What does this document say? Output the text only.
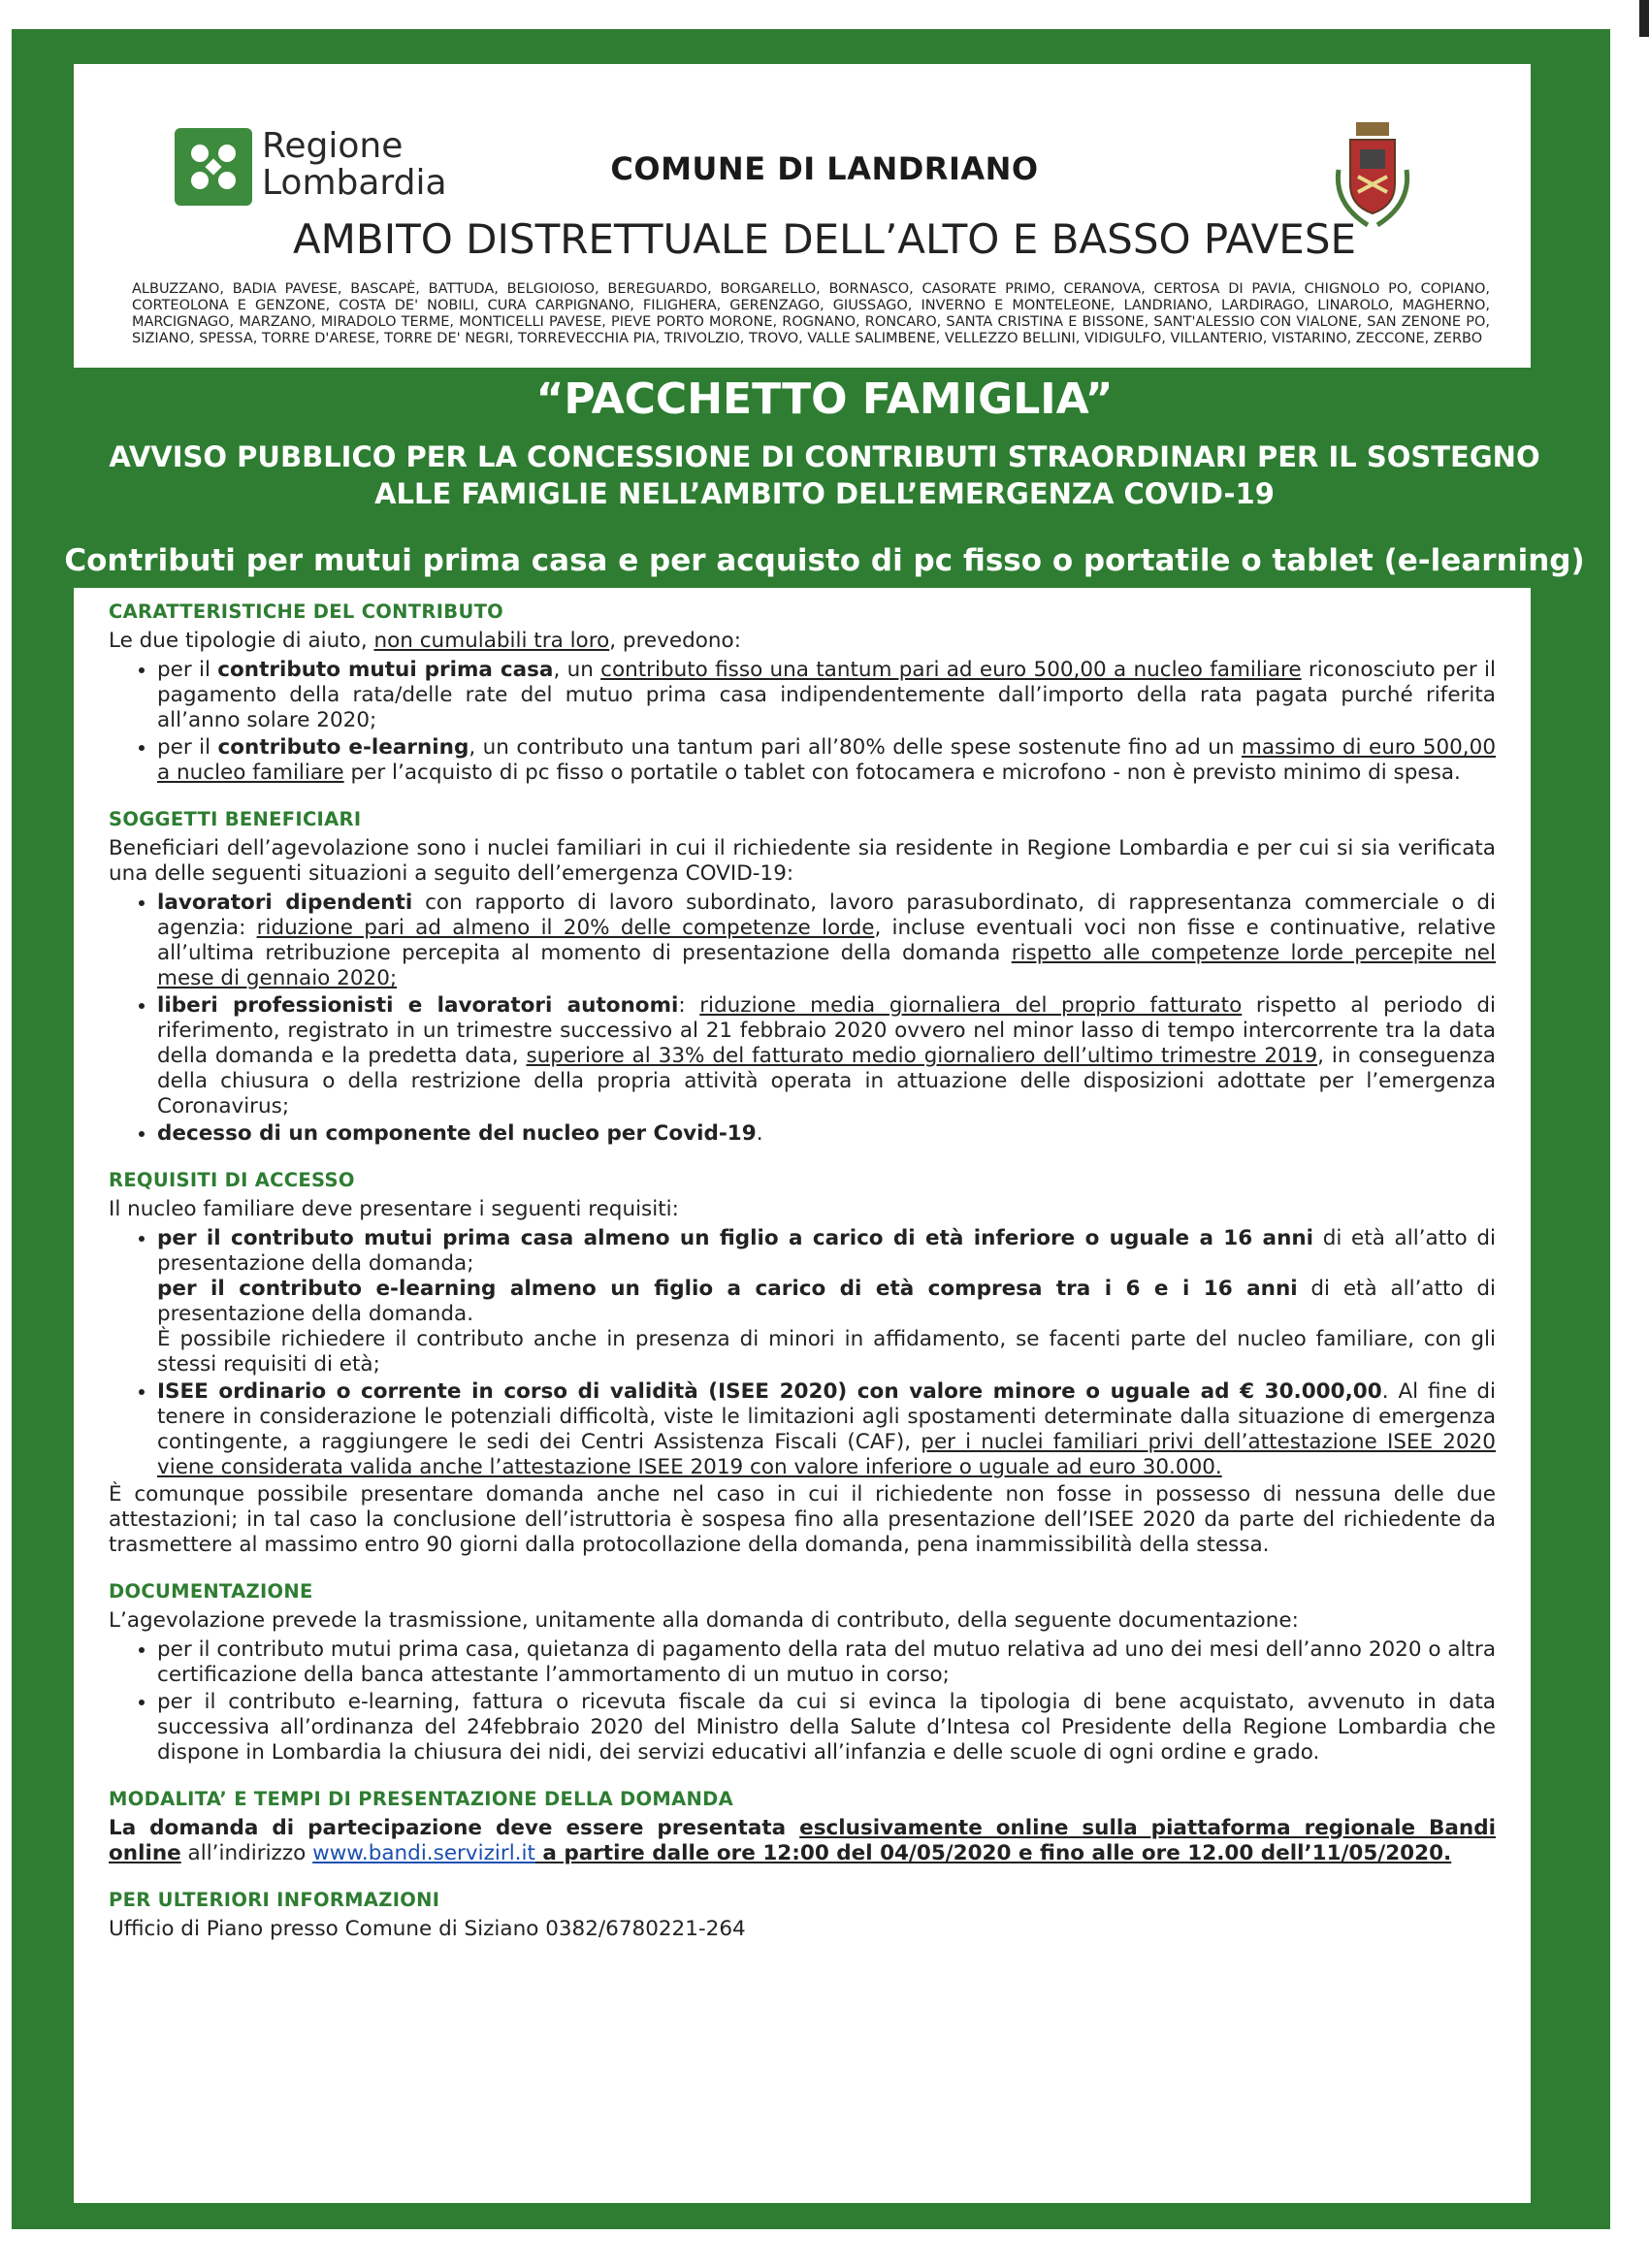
Regione
Lombardia	COMUNE DI LANDRIANO
AMBITO DISTRETTUALE DELL’ALTO E BASSO PAVESE
ALBUZZANO, BADIA PAVESE, BASCAPÈ, BATTUDA, BELGIOIOSO, BEREGUARDO, BORGARELLO, BORNASCO, CASORATE PRIMO, CERANOVA, CERTOSA DI PAVIA, CHIGNOLO PO, COPIANO, CORTEOLONA E GENZONE, COSTA DE' NOBILI, CURA CARPIGNANO, FILIGHERA, GERENZAGO, GIUSSAGO, INVERNO E MONTELEONE, LANDRIANO, LARDIRAGO, LINAROLO, MAGHERNO, MARCIGNAGO, MARZANO, MIRADOLO TERME, MONTICELLI PAVESE, PIEVE PORTO MORONE, ROGNANO, RONCARO, SANTA CRISTINA E BISSONE, SANT'ALESSIO CON VIALONE, SAN ZENONE PO, SIZIANO, SPESSA, TORRE D'ARESE, TORRE DE' NEGRI, TORREVECCHIA PIA, TRIVOLZIO, TROVO, VALLE SALIMBENE, VELLEZZO BELLINI, VIDIGULFO, VILLANTERIO, VISTARINO, ZECCONE, ZERBO
“PACCHETTO FAMIGLIA”
AVVISO PUBBLICO PER LA CONCESSIONE DI CONTRIBUTI STRAORDINARI PER IL SOSTEGNO
ALLE FAMIGLIE NELL’AMBITO DELL’EMERGENZA COVID-19
Contributi per mutui prima casa e per acquisto di pc fisso o portatile o tablet (e-learning)
CARATTERISTICHE DEL CONTRIBUTO

Le due tipologie di aiuto, non cumulabili tra loro, prevedono:

• per il contributo mutui prima casa, un contributo fisso una tantum pari ad euro 500,00 a nucleo familiare riconosciuto per il pagamento della rata/delle rate del mutuo prima casa indipendentemente dall’importo della rata pagata purché riferita all’anno solare 2020;
• per il contributo e-learning, un contributo una tantum pari all’80% delle spese sostenute fino ad un massimo di euro 500,00 a nucleo familiare per l’acquisto di pc fisso o portatile o tablet con fotocamera e microfono - non è previsto minimo di spesa.
SOGGETTI BENEFICIARI

Beneficiari dell’agevolazione sono i nuclei familiari in cui il richiedente sia residente in Regione Lombardia e per cui si sia verificata una delle seguenti situazioni a seguito dell’emergenza COVID-19:

• lavoratori dipendenti con rapporto di lavoro subordinato, lavoro parasubordinato, di rappresentanza commerciale o di agenzia: riduzione pari ad almeno il 20% delle competenze lorde, incluse eventuali voci non fisse e continuative, relative all’ultima retribuzione percepita al momento di presentazione della domanda rispetto alle competenze lorde percepite nel mese di gennaio 2020;
• liberi professionisti e lavoratori autonomi: riduzione media giornaliera del proprio fatturato rispetto al periodo di riferimento, registrato in un trimestre successivo al 21 febbraio 2020 ovvero nel minor lasso di tempo intercorrente tra la data della domanda e la predetta data, superiore al 33% del fatturato medio giornaliero dell’ultimo trimestre 2019, in conseguenza della chiusura o della restrizione della propria attività operata in attuazione delle disposizioni adottate per l’emergenza Coronavirus;
• decesso di un componente del nucleo per Covid-19.
REQUISITI DI ACCESSO

Il nucleo familiare deve presentare i seguenti requisiti:

• per il contributo mutui prima casa almeno un figlio a carico di età inferiore o uguale a 16 anni di età all’atto di presentazione della domanda;
per il contributo e-learning almeno un figlio a carico di età compresa tra i 6 e i 16 anni di età all’atto di presentazione della domanda.
È possibile richiedere il contributo anche in presenza di minori in affidamento, se facenti parte del nucleo familiare, con gli stessi requisiti di età;
• ISEE ordinario o corrente in corso di validità (ISEE 2020) con valore minore o uguale ad € 30.000,00. Al fine di tenere in considerazione le potenziali difficoltà, viste le limitazioni agli spostamenti determinate dalla situazione di emergenza contingente, a raggiungere le sedi dei Centri Assistenza Fiscali (CAF), per i nuclei familiari privi dell’attestazione ISEE 2020 viene considerata valida anche l’attestazione ISEE 2019 con valore inferiore o uguale ad euro 30.000.

È comunque possibile presentare domanda anche nel caso in cui il richiedente non fosse in possesso di nessuna delle due attestazioni; in tal caso la conclusione dell’istruttoria è sospesa fino alla presentazione dell’ISEE 2020 da parte del richiedente da trasmettere al massimo entro 90 giorni dalla protocollazione della domanda, pena inammissibilità della stessa.

DOCUMENTAZIONE

L’agevolazione prevede la trasmissione, unitamente alla domanda di contributo, della seguente documentazione:

• per il contributo mutui prima casa, quietanza di pagamento della rata del mutuo relativa ad uno dei mesi dell’anno 2020 o altra certificazione della banca attestante l’ammortamento di un mutuo in corso;
• per il contributo e-learning, fattura o ricevuta fiscale da cui si evinca la tipologia di bene acquistato, avvenuto in data successiva all’ordinanza del 24febbraio 2020 del Ministro della Salute d’Intesa col Presidente della Regione Lombardia che dispone in Lombardia la chiusura dei nidi, dei servizi educativi all’infanzia e delle scuole di ogni ordine e grado.
MODALITA’ E TEMPI DI PRESENTAZIONE DELLA DOMANDA

La domanda di partecipazione deve essere presentata esclusivamente online sulla piattaforma regionale Bandi online all’indirizzo www.bandi.servizirl.it a partire dalle ore 12:00 del 04/05/2020 e fino alle ore 12.00 dell’11/05/2020.

PER ULTERIORI INFORMAZIONI

Ufficio di Piano presso Comune di Siziano 0382/6780221-264
